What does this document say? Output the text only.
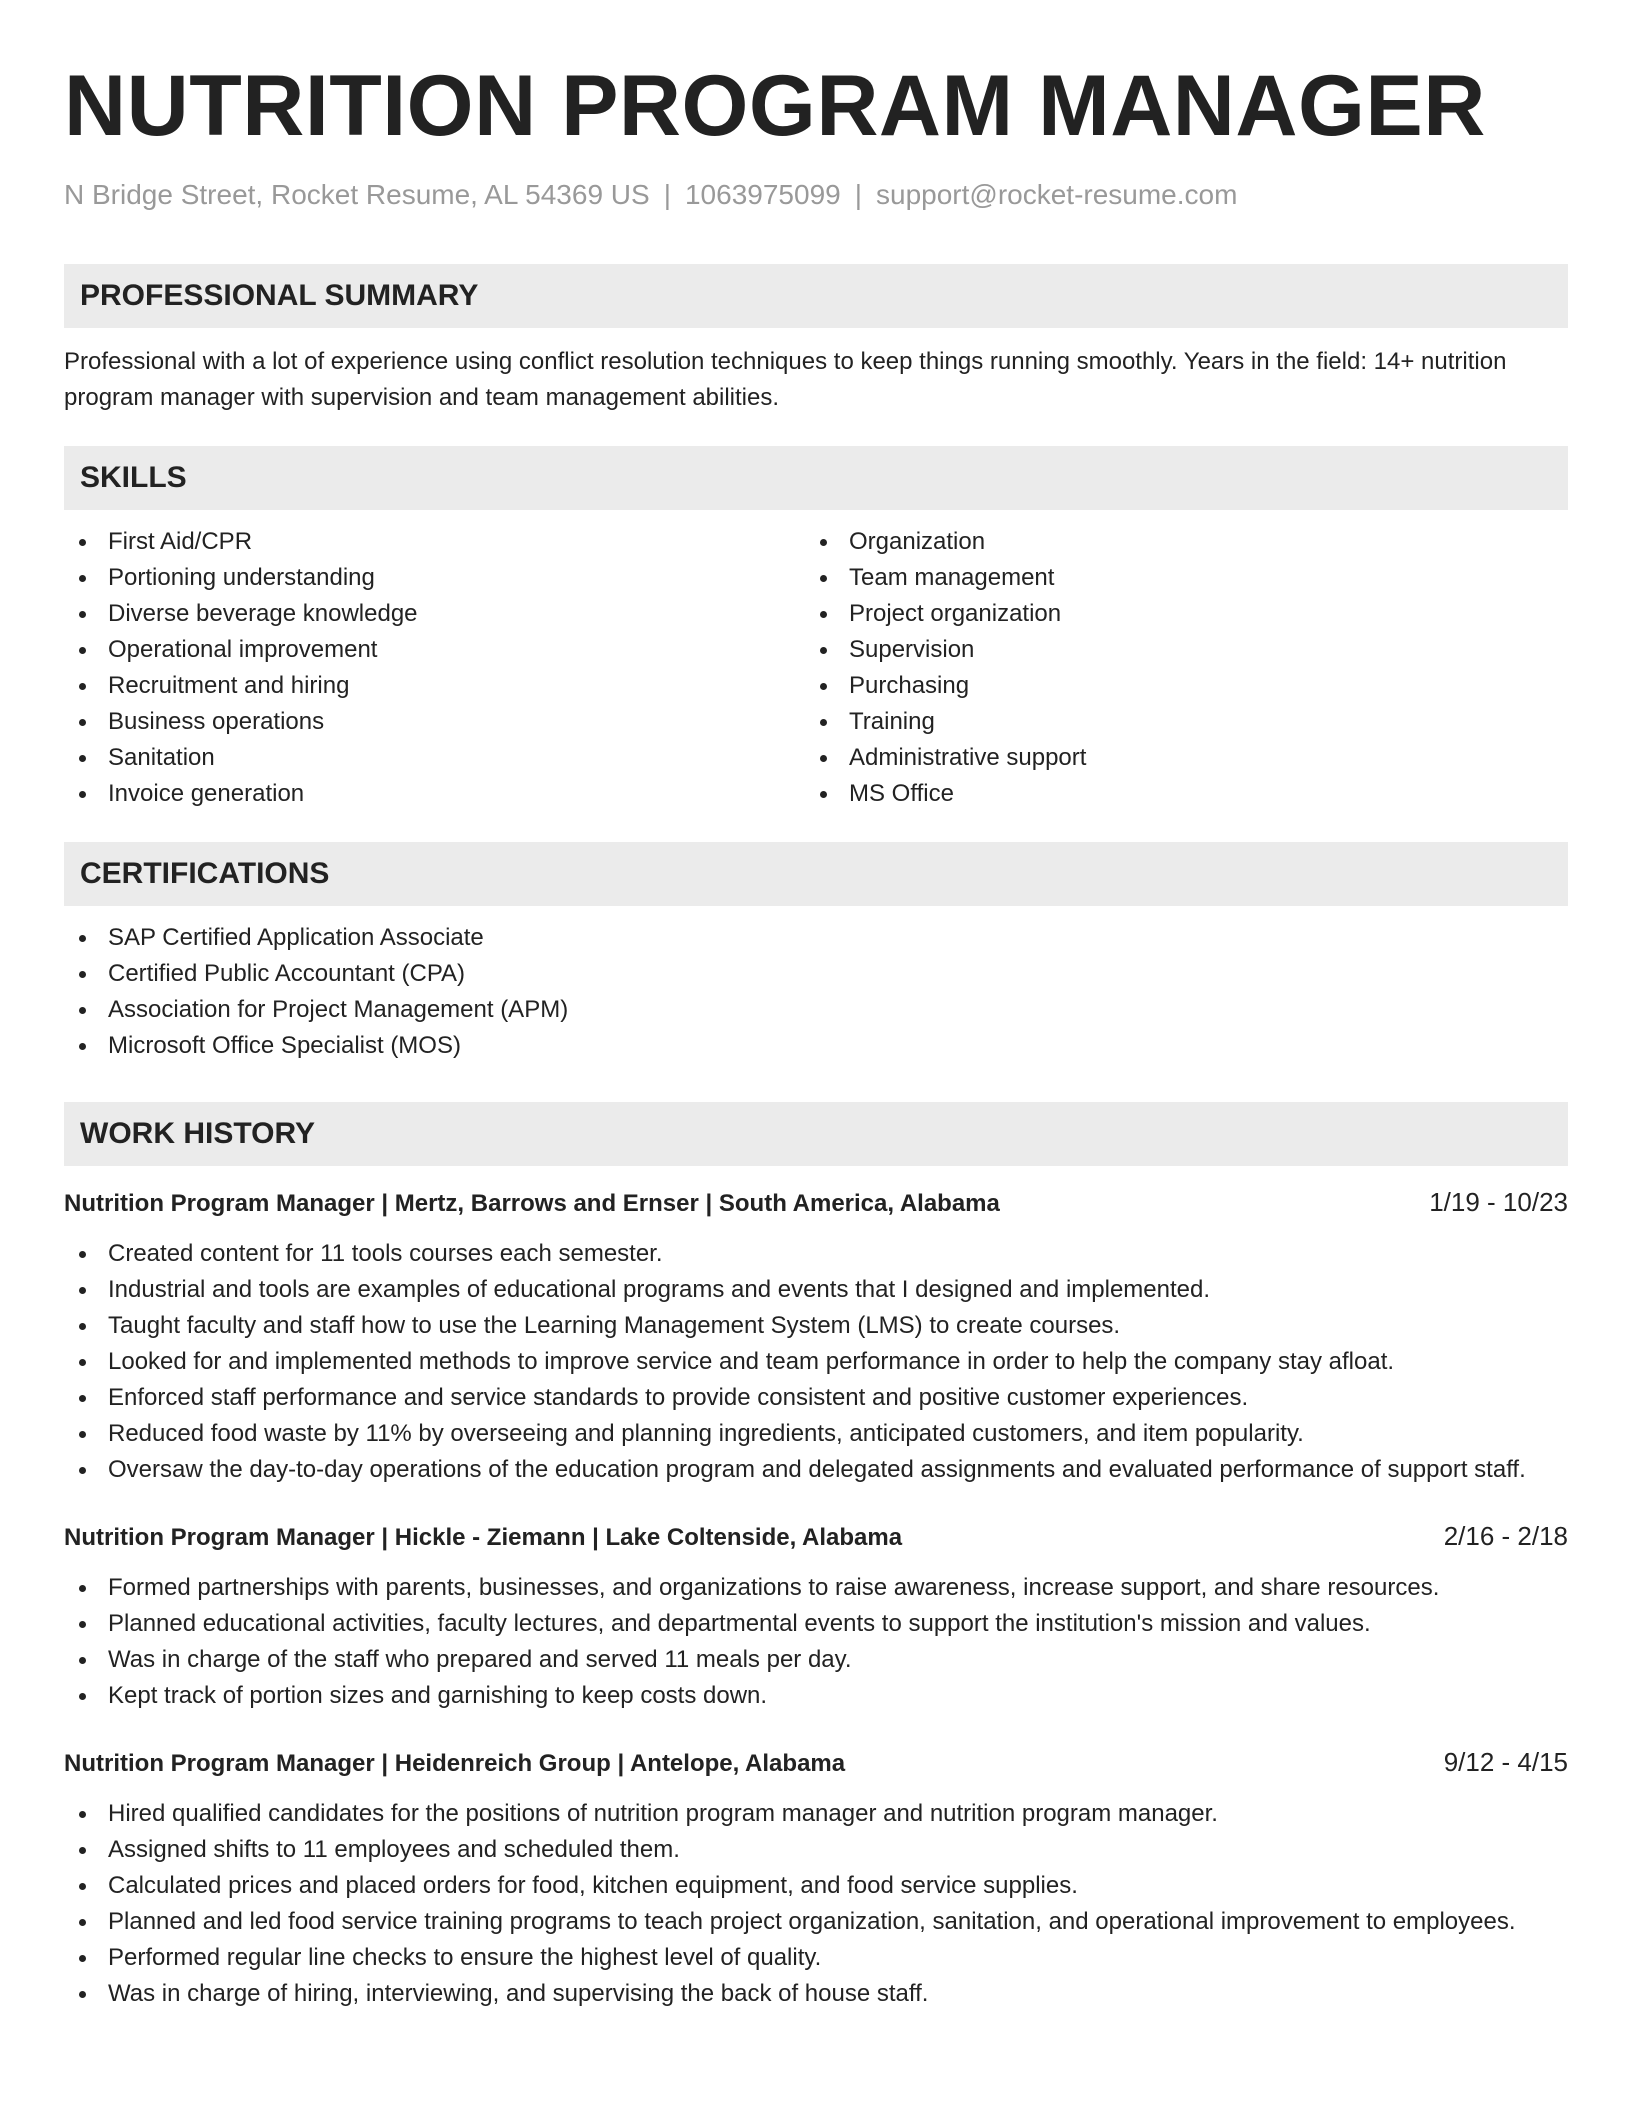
NUTRITION PROGRAM MANAGER
N Bridge Street, Rocket Resume, AL 54369 US | 1063975099 | support@rocket-resume.com
PROFESSIONAL SUMMARY
Professional with a lot of experience using conflict resolution techniques to keep things running smoothly. Years in the field: 14+ nutrition program manager with supervision and team management abilities.
SKILLS
First Aid/CPR
Portioning understanding
Diverse beverage knowledge
Operational improvement
Recruitment and hiring
Business operations
Sanitation
Invoice generation
Organization
Team management
Project organization
Supervision
Purchasing
Training
Administrative support
MS Office
CERTIFICATIONS
SAP Certified Application Associate
Certified Public Accountant (CPA)
Association for Project Management (APM)
Microsoft Office Specialist (MOS)
WORK HISTORY
Nutrition Program Manager | Mertz, Barrows and Ernser | South America, Alabama	1/19 - 10/23
Created content for 11 tools courses each semester.
Industrial and tools are examples of educational programs and events that I designed and implemented.
Taught faculty and staff how to use the Learning Management System (LMS) to create courses.
Looked for and implemented methods to improve service and team performance in order to help the company stay afloat.
Enforced staff performance and service standards to provide consistent and positive customer experiences.
Reduced food waste by 11% by overseeing and planning ingredients, anticipated customers, and item popularity.
Oversaw the day-to-day operations of the education program and delegated assignments and evaluated performance of support staff.
Nutrition Program Manager | Hickle - Ziemann | Lake Coltenside, Alabama	2/16 - 2/18
Formed partnerships with parents, businesses, and organizations to raise awareness, increase support, and share resources.
Planned educational activities, faculty lectures, and departmental events to support the institution's mission and values.
Was in charge of the staff who prepared and served 11 meals per day.
Kept track of portion sizes and garnishing to keep costs down.
Nutrition Program Manager | Heidenreich Group | Antelope, Alabama	9/12 - 4/15
Hired qualified candidates for the positions of nutrition program manager and nutrition program manager.
Assigned shifts to 11 employees and scheduled them.
Calculated prices and placed orders for food, kitchen equipment, and food service supplies.
Planned and led food service training programs to teach project organization, sanitation, and operational improvement to employees.
Performed regular line checks to ensure the highest level of quality.
Was in charge of hiring, interviewing, and supervising the back of house staff.
